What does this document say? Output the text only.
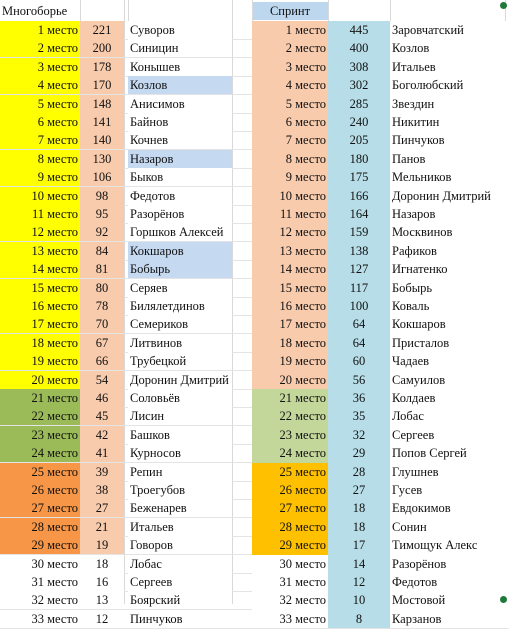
Многоборье	Спринт
1 место	221	Суворов
2 место	200	Синицин
3 место	178	Конышев
4 место	170	Козлов
5 место	148	Анисимов
6 место	141	Байнов
7 место	140	Кочнев
8 место	130	Назаров
9 место	106	Быков
10 место	98	Федотов
11 место	95	Разорёнов
12 место	92	Горшков Алексей
13 место	84	Кокшаров
14 место	81	Бобырь
15 место	80	Серяев
16 место	78	Билялетдинов
17 место	70	Семериков
18 место	67	Литвинов
19 место	66	Трубецкой
20 место	54	Доронин Дмитрий
21 место	46	Соловьёв
22 место	45	Лисин
23 место	42	Башков
24 место	41	Курносов
25 место	39	Репин
26 место	38	Троегубов
27 место	27	Беженарев
28 место	21	Итальев
29 место	19	Говоров
30 место	18	Лобас
31 место	16	Сергеев
32 место	13	Боярский
33 место	12	Пинчуков
1 место	445	Заровчатский
2 место	400	Козлов
3 место	308	Итальев
4 место	302	Боголюбский
5 место	285	Звездин
6 место	240	Никитин
7 место	205	Пинчуков
8 место	180	Панов
9 место	175	Мельников
10 место	166	Доронин Дмитрий
11 место	164	Назаров
12 место	159	Москвинов
13 место	138	Рафиков
14 место	127	Игнатенко
15 место	117	Бобырь
16 место	100	Коваль
17 место	64	Кокшаров
18 место	64	Присталов
19 место	60	Чадаев
20 место	56	Самуилов
21 место	36	Колдаев
22 место	35	Лобас
23 место	32	Сергеев
24 место	29	Попов Сергей
25 место	28	Глушнев
26 место	27	Гусев
27 место	18	Евдокимов
28 место	18	Сонин
29 место	17	Тимощук Алекс
30 место	14	Разорёнов
31 место	12	Федотов
32 место	10	Мостовой
33 место	8	Карзанов
